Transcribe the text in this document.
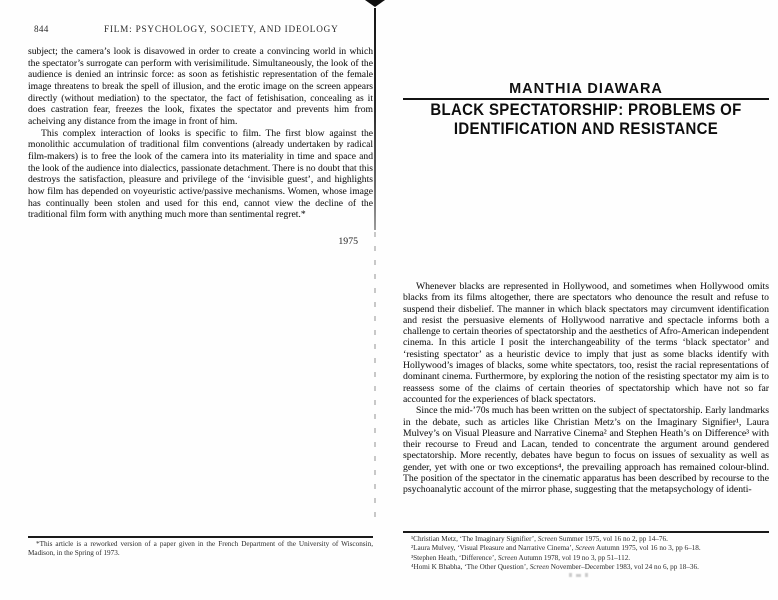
844	FILM: PSYCHOLOGY, SOCIETY, AND IDEOLOGY

subject; the camera’s look is disavowed in order to create a convincing world in which the spectator’s surrogate can perform with verisimilitude. Simultaneously, the look of the audience is denied an intrinsic force: as soon as fetishistic representation of the female image threatens to break the spell of illusion, and the erotic image on the screen appears directly (without mediation) to the spectator, the fact of fetishisation, concealing as it does castration fear, freezes the look, fixates the spectator and prevents him from acheiving any distance from the image in front of him.

This complex interaction of looks is specific to film. The first blow against the monolithic accumulation of traditional film conventions (already undertaken by radical film-makers) is to free the look of the camera into its materiality in time and space and the look of the audience into dialectics, passionate detachment. There is no doubt that this destroys the satisfaction, pleasure and privilege of the ‘invisible guest’, and highlights how film has depended on voyeuristic active/passive mechanisms. Women, whose image has continually been stolen and used for this end, cannot view the decline of the traditional film form with anything much more than sentimental regret.*

1975

*This article is a reworked version of a paper given in the French Department of the University of Wisconsin, Madison, in the Spring of 1973.

MANTHIA DIAWARA
BLACK SPECTATORSHIP: PROBLEMS OF
IDENTIFICATION AND RESISTANCE

Whenever blacks are represented in Hollywood, and sometimes when Hollywood omits blacks from its films altogether, there are spectators who denounce the result and refuse to suspend their disbelief. The manner in which black spectators may circumvent identification and resist the persuasive elements of Hollywood narrative and spectacle informs both a challenge to certain theories of spectatorship and the aesthetics of Afro-American independent cinema. In this article I posit the interchangeability of the terms ‘black spectator’ and ‘resisting spectator’ as a heuristic device to imply that just as some blacks identify with Hollywood’s images of blacks, some white spectators, too, resist the racial representations of dominant cinema. Furthermore, by exploring the notion of the resisting spectator my aim is to reassess some of the claims of certain theories of spectatorship which have not so far accounted for the experiences of black spectators.

Since the mid-’70s much has been written on the subject of spectatorship. Early landmarks in the debate, such as articles like Christian Metz’s on the Imaginary Signifier¹, Laura Mulvey’s on Visual Pleasure and Narrative Cinema² and Stephen Heath’s on Difference³ with their recourse to Freud and Lacan, tended to concentrate the argument around gendered spectatorship. More recently, debates have begun to focus on issues of sexuality as well as gender, yet with one or two exceptions⁴, the prevailing approach has remained colour-blind. The position of the spectator in the cinematic apparatus has been described by recourse to the psychoanalytic account of the mirror phase, suggesting that the metapsychology of identi-

¹Christian Metz, ‘The Imaginary Signifier’, Screen Summer 1975, vol 16 no 2, pp 14–76.

²Laura Mulvey, ‘Visual Pleasure and Narrative Cinema’, Screen Autumn 1975, vol 16 no 3, pp 6–18.

³Stephen Heath, ‘Difference’, Screen Autumn 1978, vol 19 no 3, pp 51–112.

⁴Homi K Bhabha, ‘The Other Question’, Screen November–December 1983, vol 24 no 6, pp 18–36.
